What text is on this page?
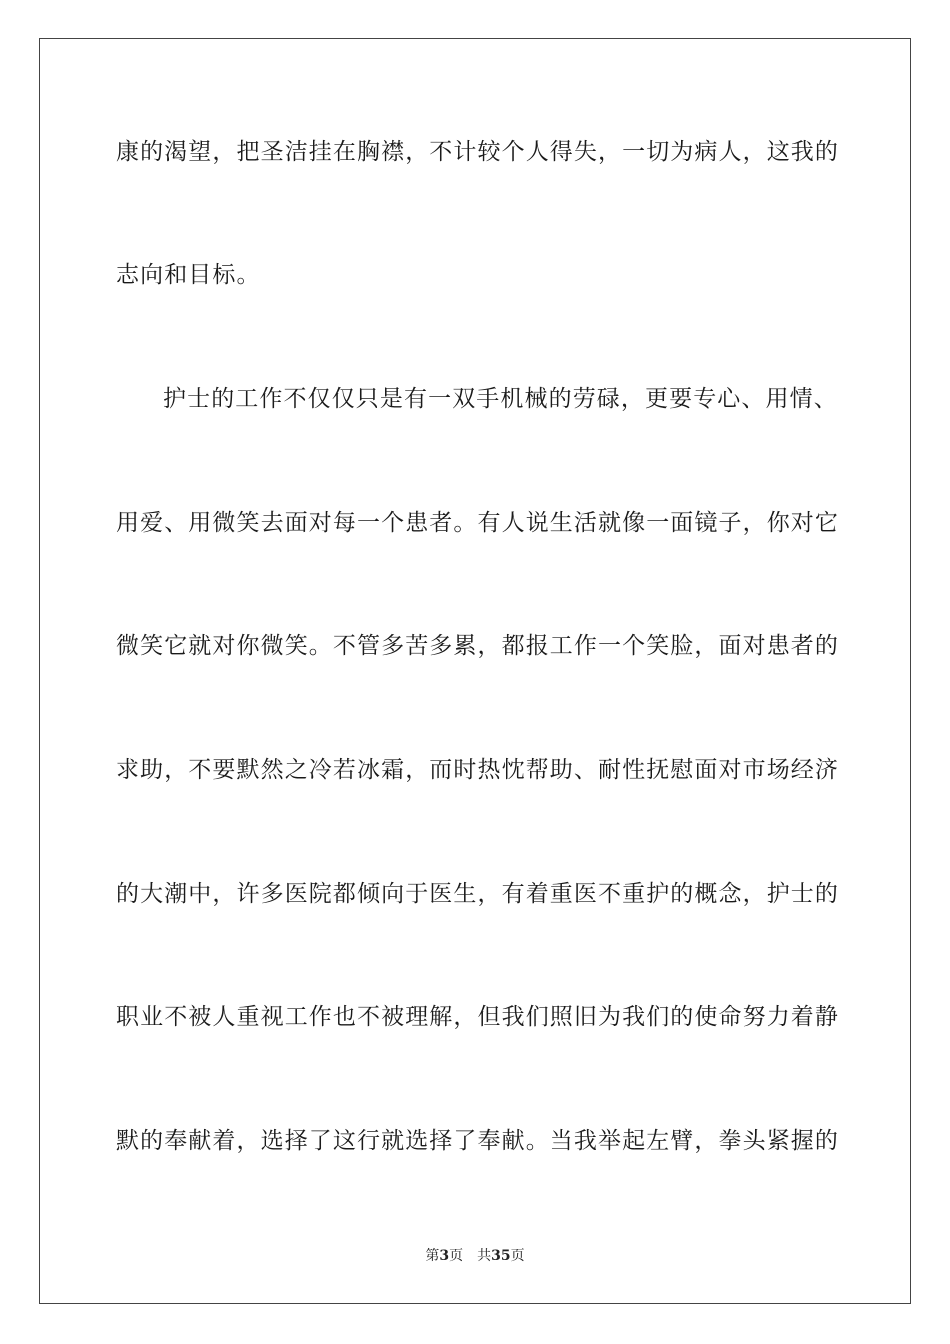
康的渴望，把圣洁挂在胸襟，不计较个人得失，一切为病人，这我的
志向和目标。
护士的工作不仅仅只是有一双手机械的劳碌，更要专心、用情、
用爱、用微笑去面对每一个患者。有人说生活就像一面镜子，你对它
微笑它就对你微笑。不管多苦多累，都报工作一个笑脸，面对患者的
求助，不要默然之冷若冰霜，而时热忱帮助、耐性抚慰面对市场经济
的大潮中，许多医院都倾向于医生，有着重医不重护的概念，护士的
职业不被人重视工作也不被理解，但我们照旧为我们的使命努力着静
默的奉献着，选择了这行就选择了奉献。当我举起左臂，拳头紧握的
第3页 共35页
